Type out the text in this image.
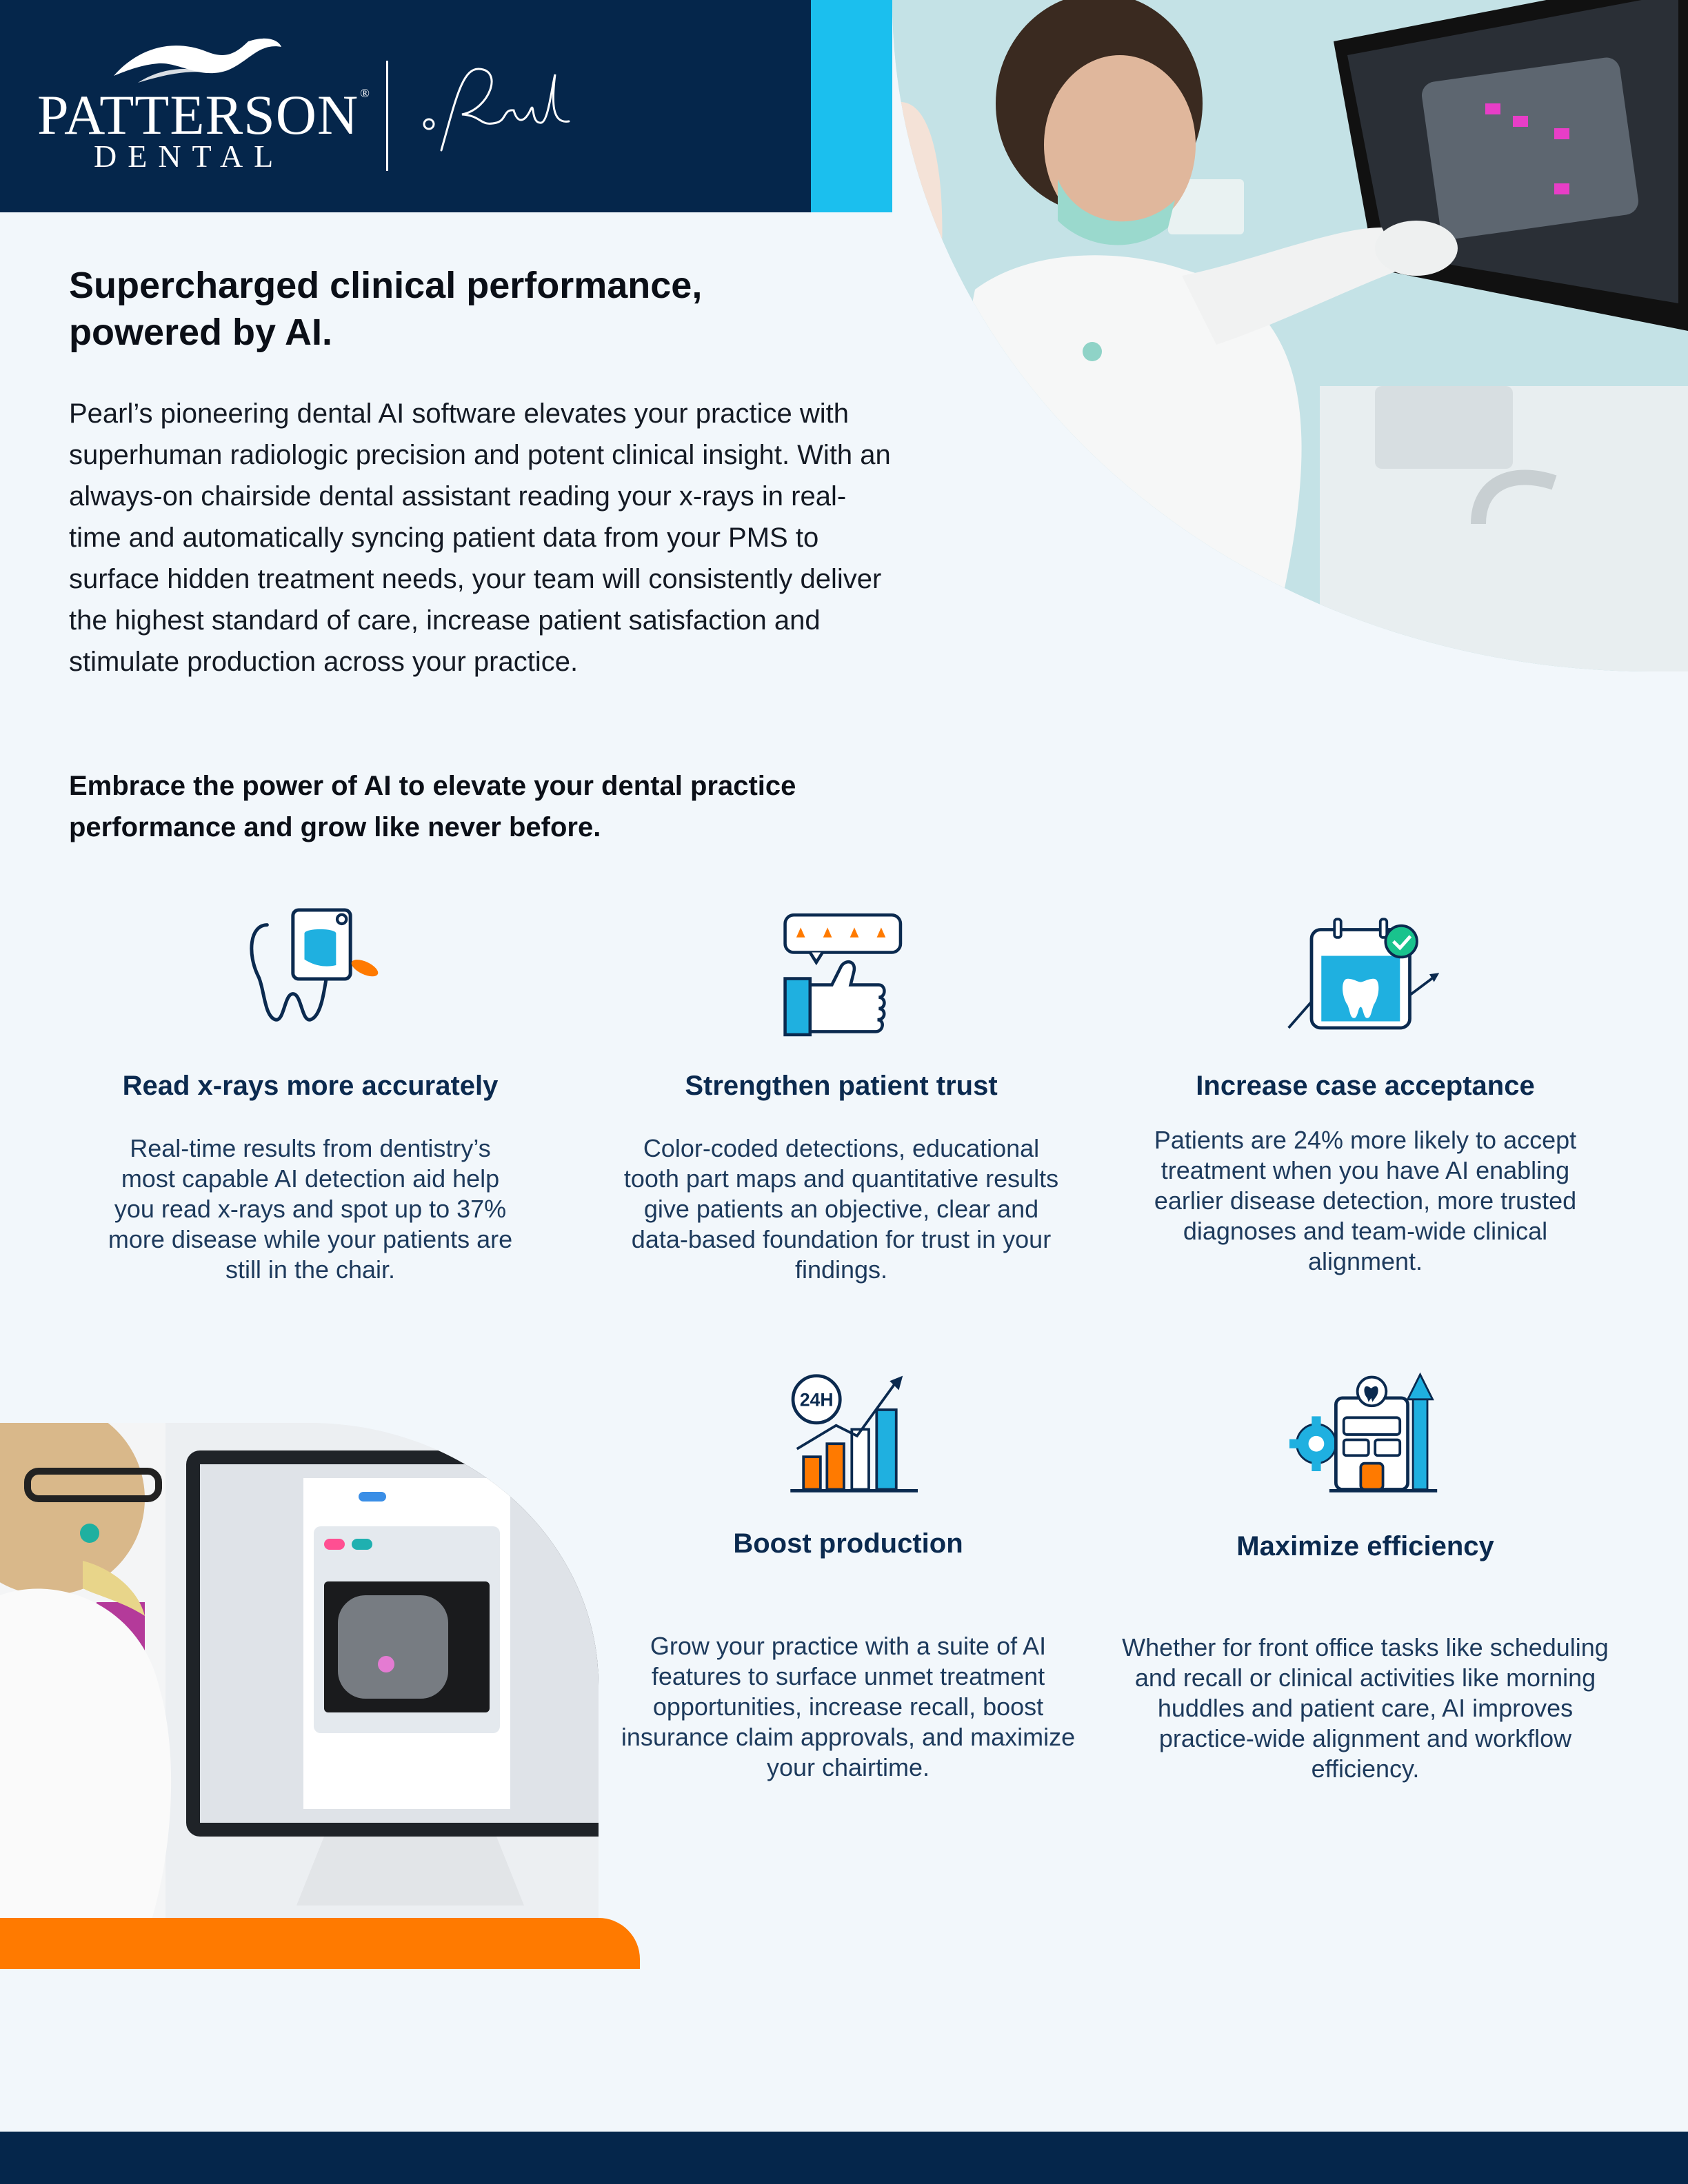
PATTERSON ®
DENTAL
Supercharged clinical performance, powered by AI.

Pearl’s pioneering dental AI software elevates your practice with superhuman radiologic precision and potent clinical insight. With an always-on chairside dental assistant reading your x-rays in real-time and automatically syncing patient data from your PMS to surface hidden treatment needs, your team will consistently deliver the highest standard of care, increase patient satisfaction and stimulate production across your practice.

Embrace the power of AI to elevate your dental practice performance and grow like never before.

Read x-rays more accurately

Real-time results from dentistry’s most capable AI detection aid help you read x-rays and spot up to 37% more disease while your patients are still in the chair.

Strengthen patient trust

Color-coded detections, educational tooth part maps and quantitative results give patients an objective, clear and data-based foundation for trust in your findings.

Increase case acceptance

Patients are 24% more likely to accept treatment when you have AI enabling earlier disease detection, more trusted diagnoses and team-wide clinical alignment.

24H
Boost production

Grow your practice with a suite of AI features to surface unmet treatment opportunities, increase recall, boost insurance claim approvals, and maximize your chairtime.

Maximize efficiency

Whether for front office tasks like scheduling and recall or clinical activities like morning huddles and patient care, AI improves practice-wide alignment and workflow efficiency.
